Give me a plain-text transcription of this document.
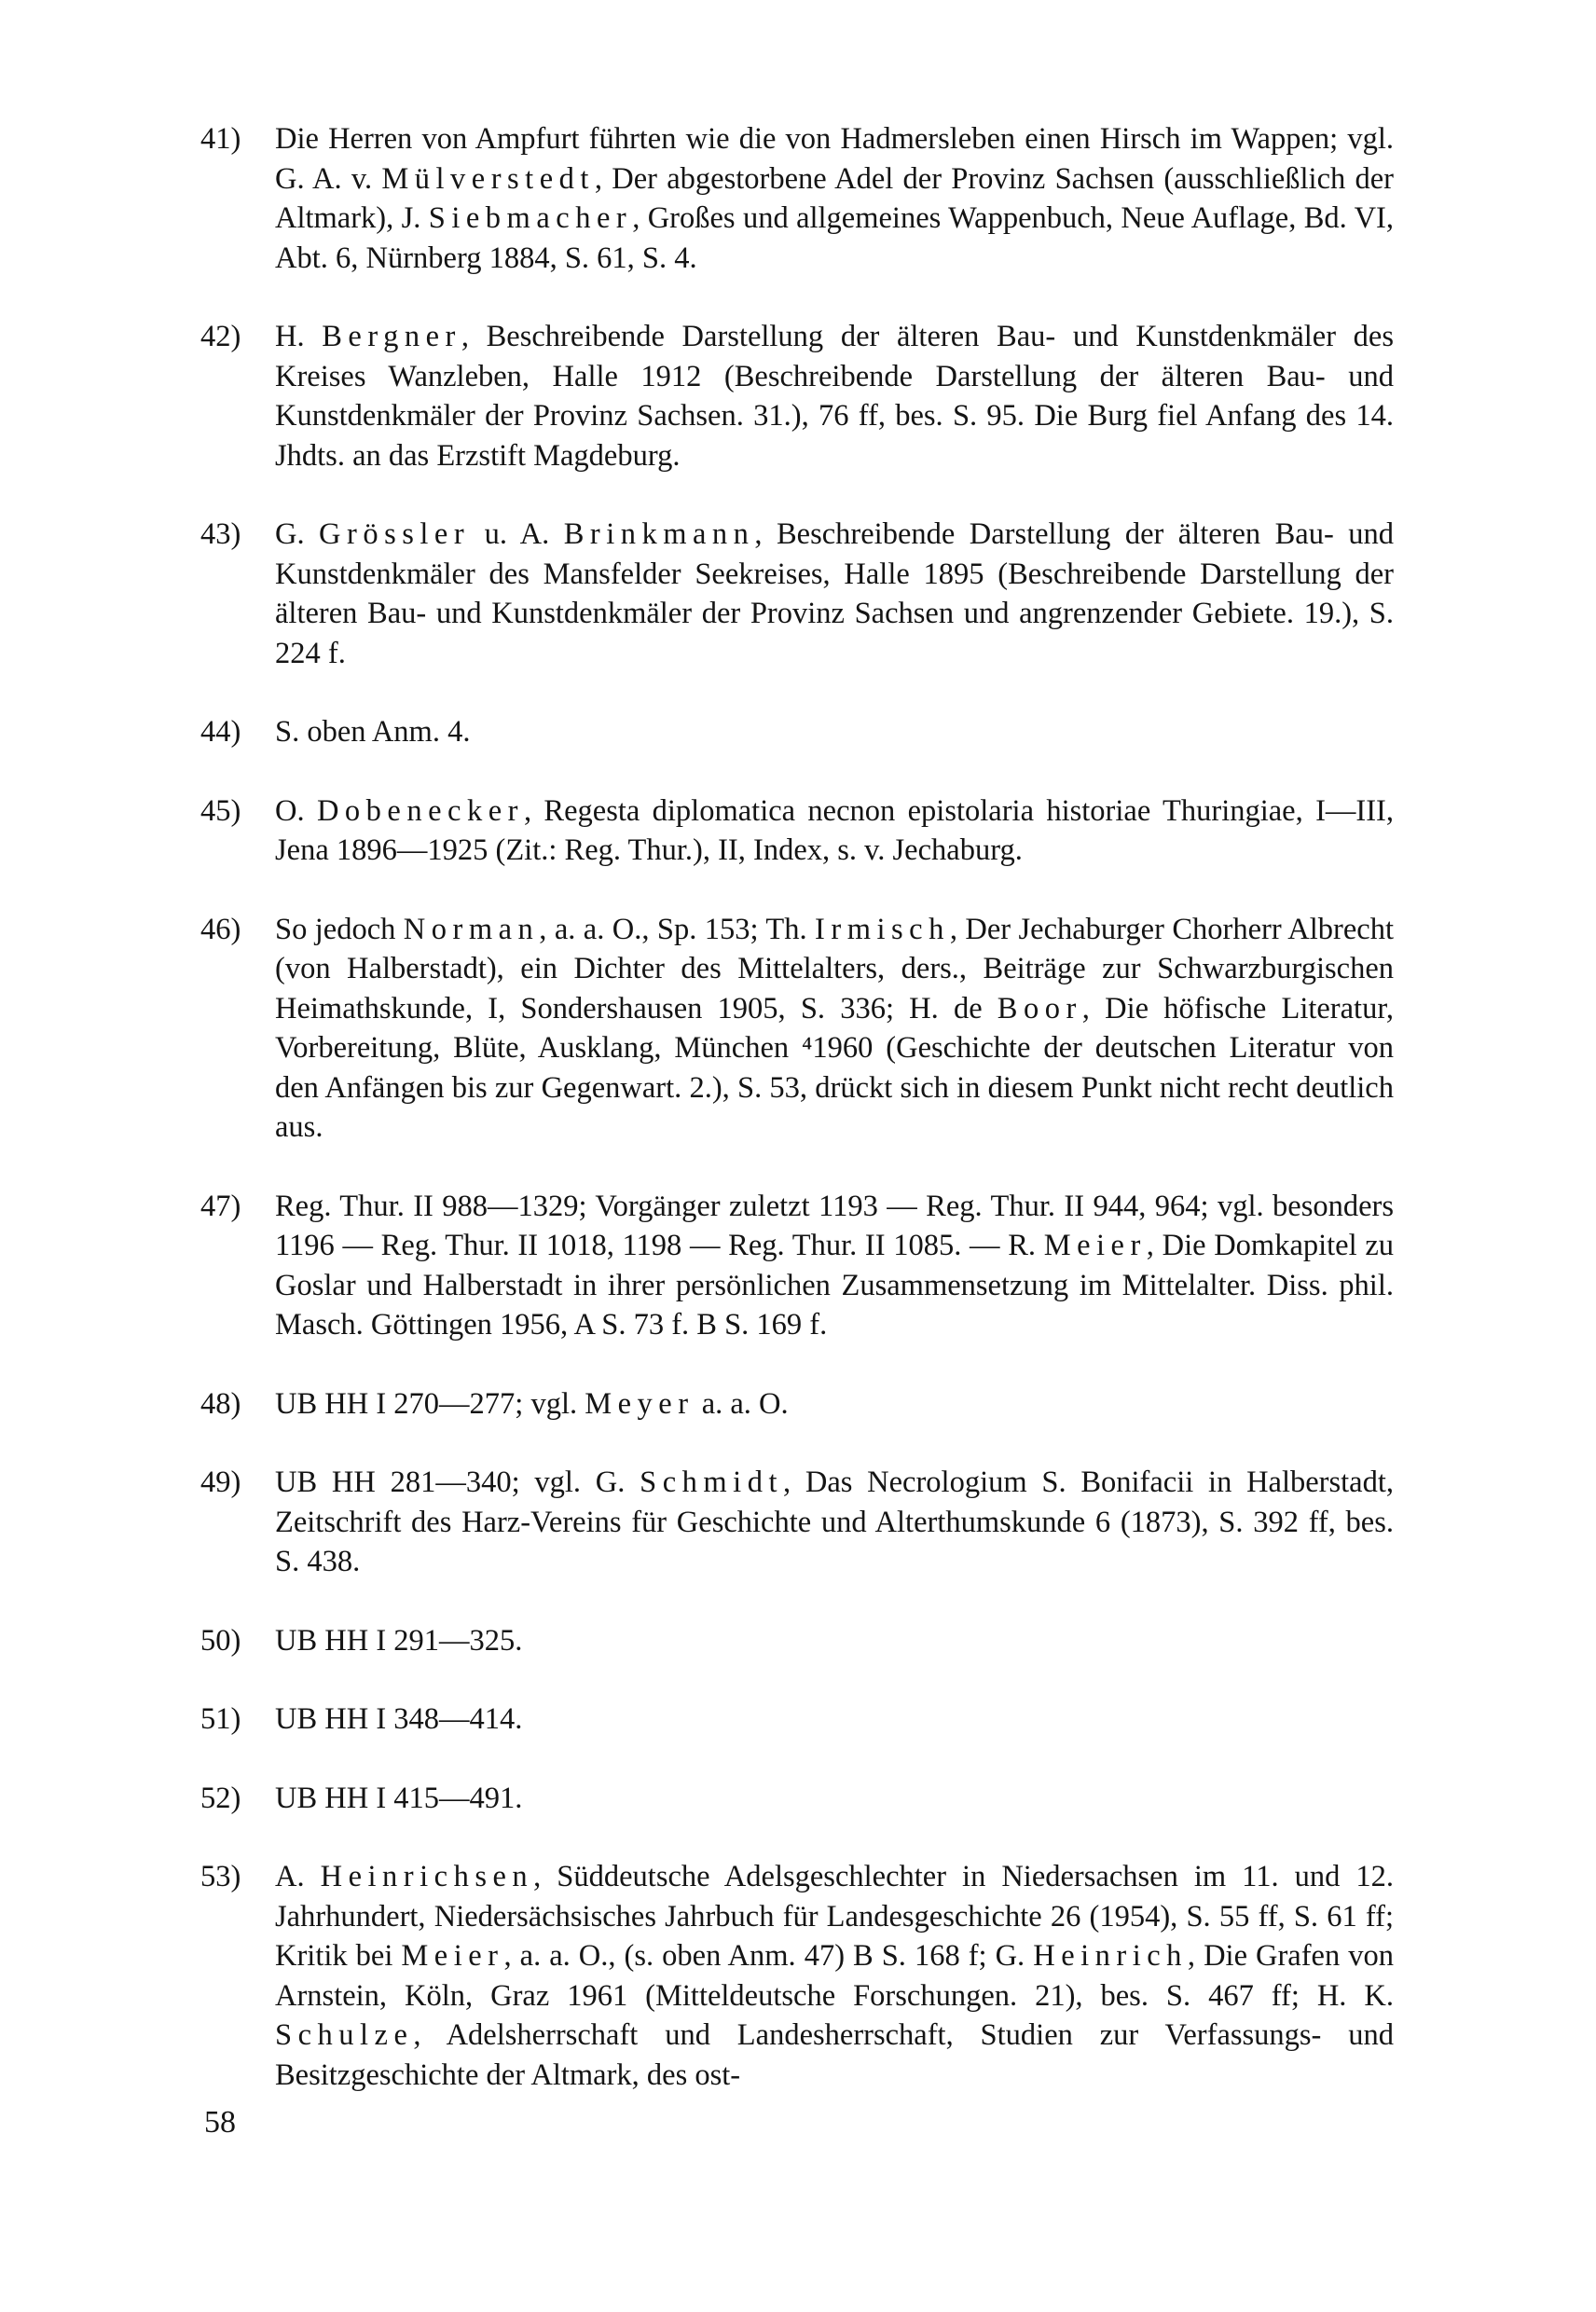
41) Die Herren von Ampfurt führten wie die von Hadmersleben einen Hirsch im Wappen; vgl. G. A. v. Mülverstedt, Der abgestorbene Adel der Provinz Sachsen (ausschließlich der Altmark), J. Siebmacher, Großes und allgemeines Wappenbuch, Neue Auflage, Bd. VI, Abt. 6, Nürnberg 1884, S. 61, S. 4.
42) H. Bergner, Beschreibende Darstellung der älteren Bau- und Kunstdenkmäler des Kreises Wanzleben, Halle 1912 (Beschreibende Darstellung der älteren Bau- und Kunstdenkmäler der Provinz Sachsen. 31.), 76 ff, bes. S. 95. Die Burg fiel Anfang des 14. Jhdts. an das Erzstift Magdeburg.
43) G. Grössler u. A. Brinkmann, Beschreibende Darstellung der älteren Bau- und Kunstdenkmäler des Mansfelder Seekreises, Halle 1895 (Beschreibende Darstellung der älteren Bau- und Kunstdenkmäler der Provinz Sachsen und angrenzender Gebiete. 19.), S. 224 f.
44) S. oben Anm. 4.
45) O. Dobenecker, Regesta diplomatica necnon epistolaria historiae Thuringiae, I—III, Jena 1896—1925 (Zit.: Reg. Thur.), II, Index, s. v. Jechaburg.
46) So jedoch Norman, a. a. O., Sp. 153; Th. Irmisch, Der Jechaburger Chorherr Albrecht (von Halberstadt), ein Dichter des Mittelalters, ders., Beiträge zur Schwarzburgischen Heimathskunde, I, Sondershausen 1905, S. 336; H. de Boor, Die höfische Literatur, Vorbereitung, Blüte, Ausklang, München ⁴1960 (Geschichte der deutschen Literatur von den Anfängen bis zur Gegenwart. 2.), S. 53, drückt sich in diesem Punkt nicht recht deutlich aus.
47) Reg. Thur. II 988—1329; Vorgänger zuletzt 1193 — Reg. Thur. II 944, 964; vgl. besonders 1196 — Reg. Thur. II 1018, 1198 — Reg. Thur. II 1085. — R. Meier, Die Domkapitel zu Goslar und Halberstadt in ihrer persönlichen Zusammensetzung im Mittelalter. Diss. phil. Masch. Göttingen 1956, A S. 73 f. B S. 169 f.
48) UB HH I 270—277; vgl. Meyer a. a. O.
49) UB HH 281—340; vgl. G. Schmidt, Das Necrologium S. Bonifacii in Halberstadt, Zeitschrift des Harz-Vereins für Geschichte und Alterthumskunde 6 (1873), S. 392 ff, bes. S. 438.
50) UB HH I 291—325.
51) UB HH I 348—414.
52) UB HH I 415—491.
53) A. Heinrichsen, Süddeutsche Adelsgeschlechter in Niedersachsen im 11. und 12. Jahrhundert, Niedersächsisches Jahrbuch für Landesgeschichte 26 (1954), S. 55 ff, S. 61 ff; Kritik bei Meier, a. a. O., (s. oben Anm. 47) B S. 168 f; G. Heinrich, Die Grafen von Arnstein, Köln, Graz 1961 (Mitteldeutsche Forschungen. 21), bes. S. 467 ff; H. K. Schulze, Adelsherrschaft und Landesherrschaft, Studien zur Verfassungs- und Besitzgeschichte der Altmark, des ost-
58
